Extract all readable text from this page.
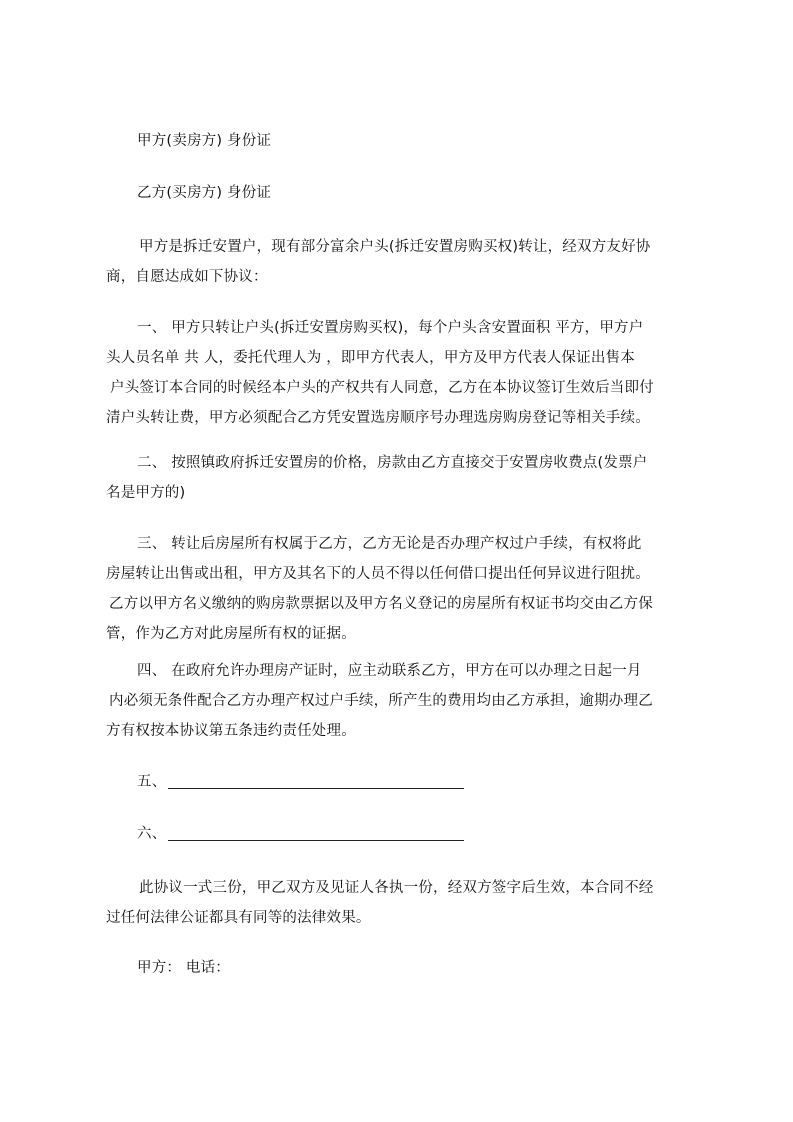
甲方(卖房方) 身份证
乙方(买房方) 身份证
甲方是拆迁安置户，现有部分富余户头(拆迁安置房购买权)转让，经双方友好协
商，自愿达成如下协议：
一、 甲方只转让户头(拆迁安置房购买权)，每个户头含安置面积 平方，甲方户
头人员名单 共 人，委托代理人为 ，即甲方代表人，甲方及甲方代表人保证出售本
户头签订本合同的时候经本户头的产权共有人同意，乙方在本协议签订生效后当即付
清户头转让费，甲方必须配合乙方凭安置选房顺序号办理选房购房登记等相关手续。
二、 按照镇政府拆迁安置房的价格，房款由乙方直接交于安置房收费点(发票户
名是甲方的)
三、 转让后房屋所有权属于乙方，乙方无论是否办理产权过户手续，有权将此
房屋转让出售或出租，甲方及其名下的人员不得以任何借口提出任何异议进行阻扰。
乙方以甲方名义缴纳的购房款票据以及甲方名义登记的房屋所有权证书均交由乙方保
管，作为乙方对此房屋所有权的证据。
四、 在政府允许办理房产证时，应主动联系乙方，甲方在可以办理之日起一月
内必须无条件配合乙方办理产权过户手续，所产生的费用均由乙方承担，逾期办理乙
方有权按本协议第五条违约责任处理。
五、
六、
此协议一式三份，甲乙双方及见证人各执一份，经双方签字后生效，本合同不经
过任何法律公证都具有同等的法律效果。
甲方： 电话：
